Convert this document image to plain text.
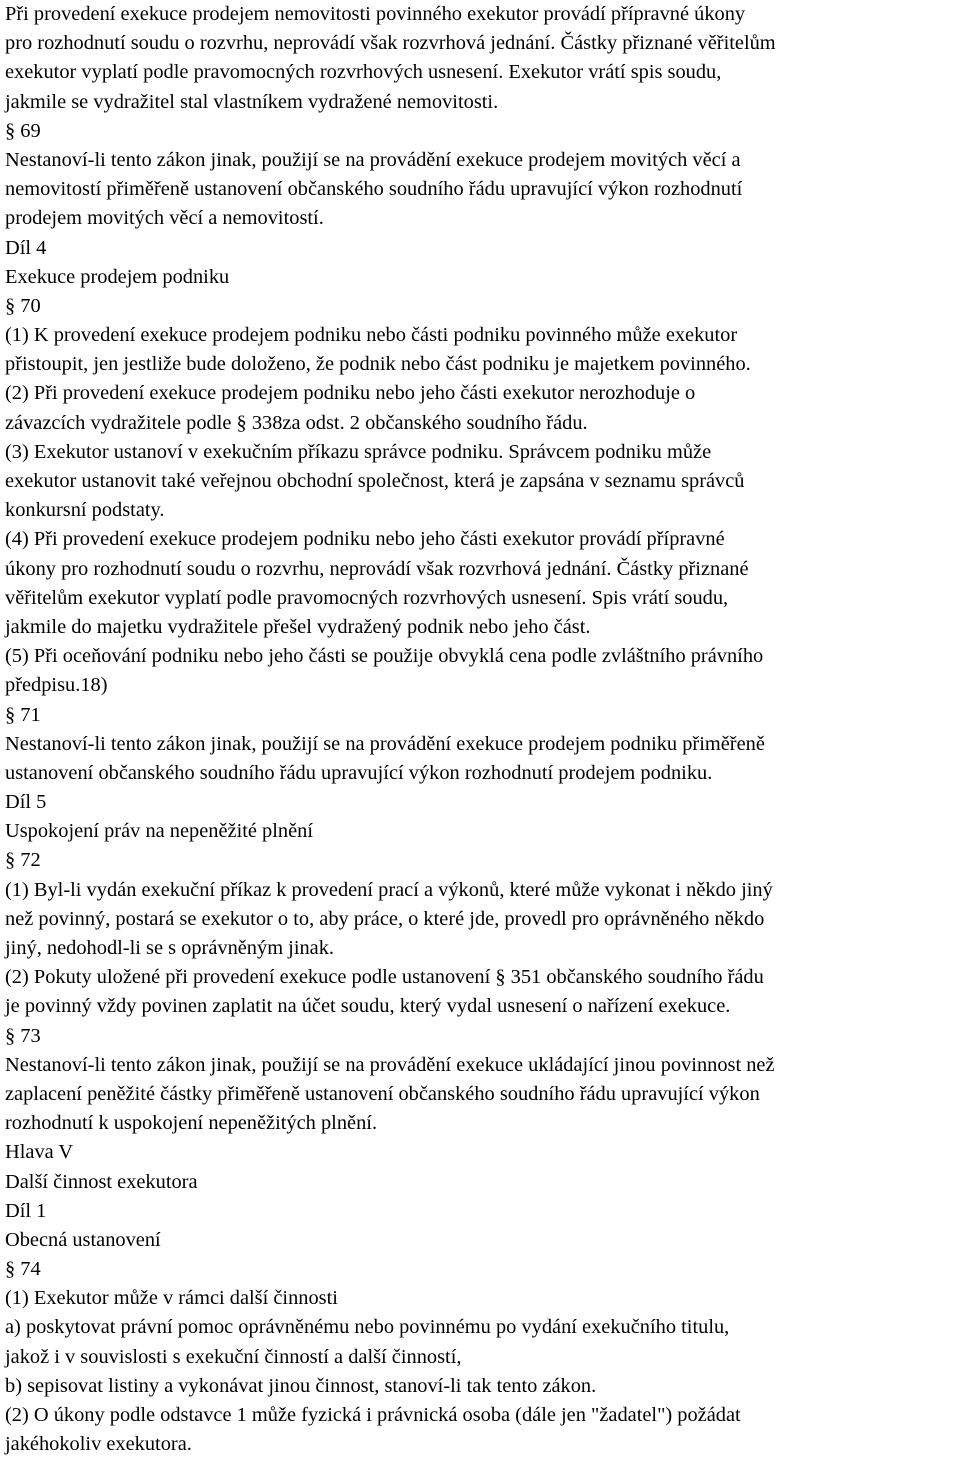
Při provedení exekuce prodejem nemovitosti povinného exekutor provádí přípravné úkony
pro rozhodnutí soudu o rozvrhu, neprovádí však rozvrhová jednání. Částky přiznané věřitelům
exekutor vyplatí podle pravomocných rozvrhových usnesení. Exekutor vrátí spis soudu,
jakmile se vydražitel stal vlastníkem vydražené nemovitosti.
§ 69
Nestanoví-li tento zákon jinak, použijí se na provádění exekuce prodejem movitých věcí a
nemovitostí přiměřeně ustanovení občanského soudního řádu upravující výkon rozhodnutí
prodejem movitých věcí a nemovitostí.
Díl 4
Exekuce prodejem podniku
§ 70
(1) K provedení exekuce prodejem podniku nebo části podniku povinného může exekutor
přistoupit, jen jestliže bude doloženo, že podnik nebo část podniku je majetkem povinného.
(2) Při provedení exekuce prodejem podniku nebo jeho části exekutor nerozhoduje o
závazcích vydražitele podle § 338za odst. 2 občanského soudního řádu.
(3) Exekutor ustanoví v exekučním příkazu správce podniku. Správcem podniku může
exekutor ustanovit také veřejnou obchodní společnost, která je zapsána v seznamu správců
konkursní podstaty.
(4) Při provedení exekuce prodejem podniku nebo jeho části exekutor provádí přípravné
úkony pro rozhodnutí soudu o rozvrhu, neprovádí však rozvrhová jednání. Částky přiznané
věřitelům exekutor vyplatí podle pravomocných rozvrhových usnesení. Spis vrátí soudu,
jakmile do majetku vydražitele přešel vydražený podnik nebo jeho část.
(5) Při oceňování podniku nebo jeho části se použije obvyklá cena podle zvláštního právního
předpisu.18)
§ 71
Nestanoví-li tento zákon jinak, použijí se na provádění exekuce prodejem podniku přiměřeně
ustanovení občanského soudního řádu upravující výkon rozhodnutí prodejem podniku.
Díl 5
Uspokojení práv na nepeněžité plnění
§ 72
(1) Byl-li vydán exekuční příkaz k provedení prací a výkonů, které může vykonat i někdo jiný
než povinný, postará se exekutor o to, aby práce, o které jde, provedl pro oprávněného někdo
jiný, nedohodl-li se s oprávněným jinak.
(2) Pokuty uložené při provedení exekuce podle ustanovení § 351 občanského soudního řádu
je povinný vždy povinen zaplatit na účet soudu, který vydal usnesení o nařízení exekuce.
§ 73
Nestanoví-li tento zákon jinak, použijí se na provádění exekuce ukládající jinou povinnost než
zaplacení peněžité částky přiměřeně ustanovení občanského soudního řádu upravující výkon
rozhodnutí k uspokojení nepeněžitých plnění.
Hlava V
Další činnost exekutora
Díl 1
Obecná ustanovení
§ 74
(1) Exekutor může v rámci další činnosti
a) poskytovat právní pomoc oprávněnému nebo povinnému po vydání exekučního titulu,
jakož i v souvislosti s exekuční činností a další činností,
b) sepisovat listiny a vykonávat jinou činnost, stanoví-li tak tento zákon.
(2) O úkony podle odstavce 1 může fyzická i právnická osoba (dále jen "žadatel") požádat
jakéhokoliv exekutora.
